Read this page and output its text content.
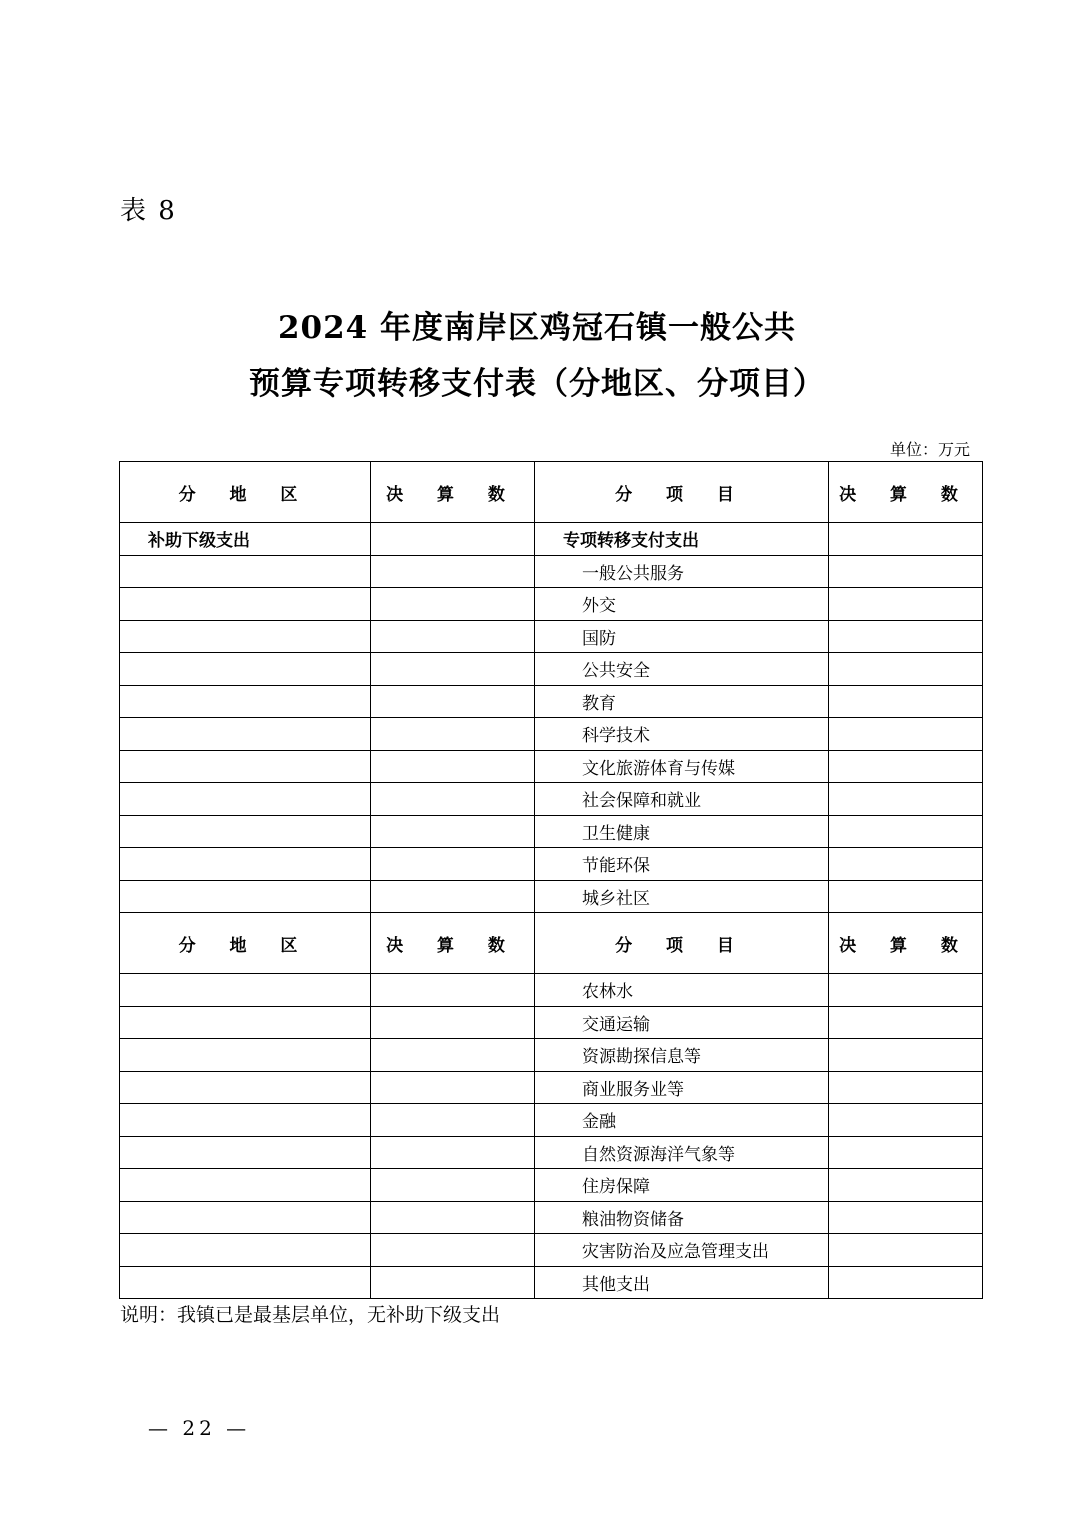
表 8
2024 年度南岸区鸡冠石镇一般公共
预算专项转移支付表（分地区、分项目）
单位：万元
分 地 区	决 算 数	分 项 目	决 算 数
补助下级支出		专项转移支付支出	
		一般公共服务	
		外交	
		国防	
		公共安全	
		教育	
		科学技术	
		文化旅游体育与传媒	
		社会保障和就业	
		卫生健康	
		节能环保	
		城乡社区	
分 地 区	决 算 数	分 项 目	决 算 数
		农林水	
		交通运输	
		资源勘探信息等	
		商业服务业等	
		金融	
		自然资源海洋气象等	
		住房保障	
		粮油物资储备	
		灾害防治及应急管理支出	
		其他支出	
说明：我镇已是最基层单位，无补助下级支出
— 22 —
